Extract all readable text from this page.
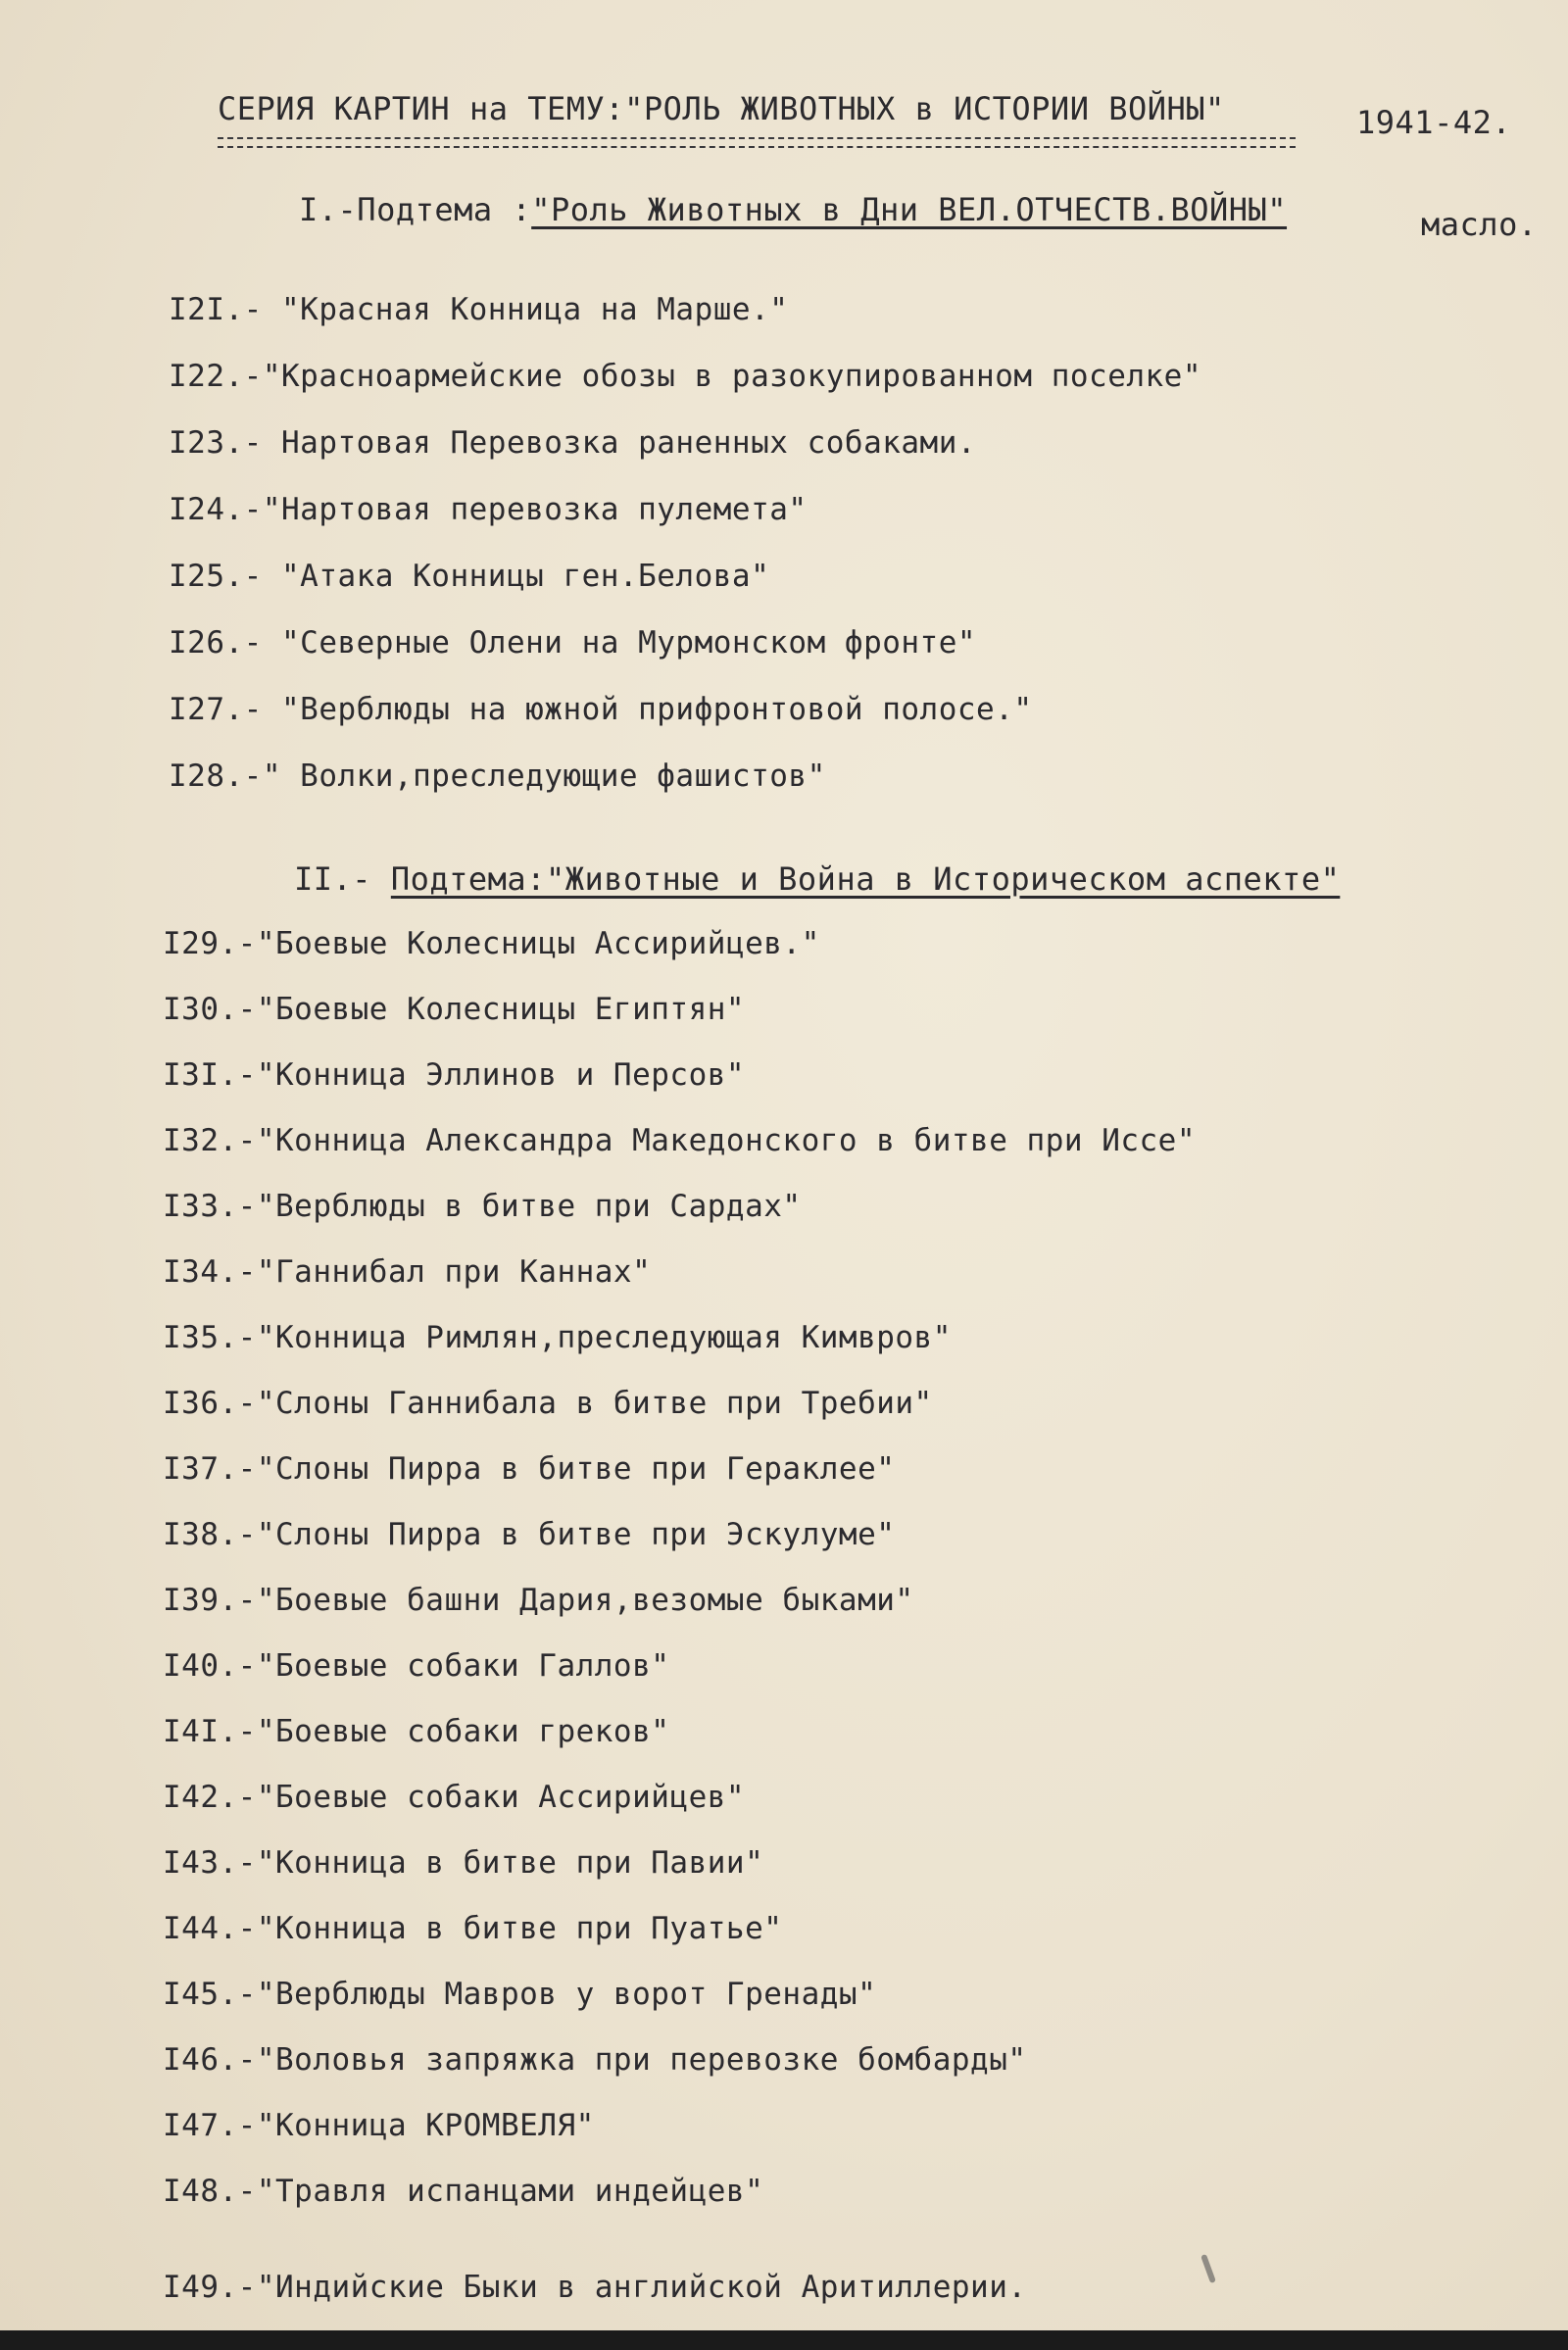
СЕРИЯ КАРТИН на ТЕМУ:"РОЛЬ ЖИВОТНЫХ в ИСТОРИИ ВОЙНЫ"	1941-42.
I.-Подтема :"Роль Животных в Дни ВЕЛ.ОТЧЕСТВ.ВОЙНЫ"	масло.
I2I.- "Красная Конница на Марше."
I22.-"Красноармейские обозы в разокупированном поселке"
I23.- Нартовая Перевозка раненных собаками.
I24.-"Нартовая перевозка пулемета"
I25.- "Атака Конницы ген.Белова"
I26.- "Северные Олени на Мурмонском фронте"
I27.- "Верблюды на южной прифронтовой полосе."
I28.-" Волки,преследующие фашистов"
II.- Подтема:"Животные и Война в Историческом аспекте"
I29.-"Боевые Колесницы Ассирийцев."
I30.-"Боевые Колесницы Египтян"
I3I.-"Конница Эллинов и Персов"
I32.-"Конница Александра Македонского в битве при Иссе"
I33.-"Верблюды в битве при Сардах"
I34.-"Ганнибал при Каннах"
I35.-"Конница Римлян,преследующая Кимвров"
I36.-"Слоны Ганнибала в битве при Требии"
I37.-"Слоны Пирра в битве при Гераклее"
I38.-"Слоны Пирра в битве при Эскулуме"
I39.-"Боевые башни Дария,везомые быками"
I40.-"Боевые собаки Галлов"
I4I.-"Боевые собаки греков"
I42.-"Боевые собаки Ассирийцев"
I43.-"Конница в битве при Павии"
I44.-"Конница в битве при Пуатье"
I45.-"Верблюды Мавров у ворот Гренады"
I46.-"Воловья запряжка при перевозке бомбарды"
I47.-"Конница КРОМВЕЛЯ"
I48.-"Травля испанцами индейцев"
I49.-"Индийские Быки в английской Аритиллерии.
